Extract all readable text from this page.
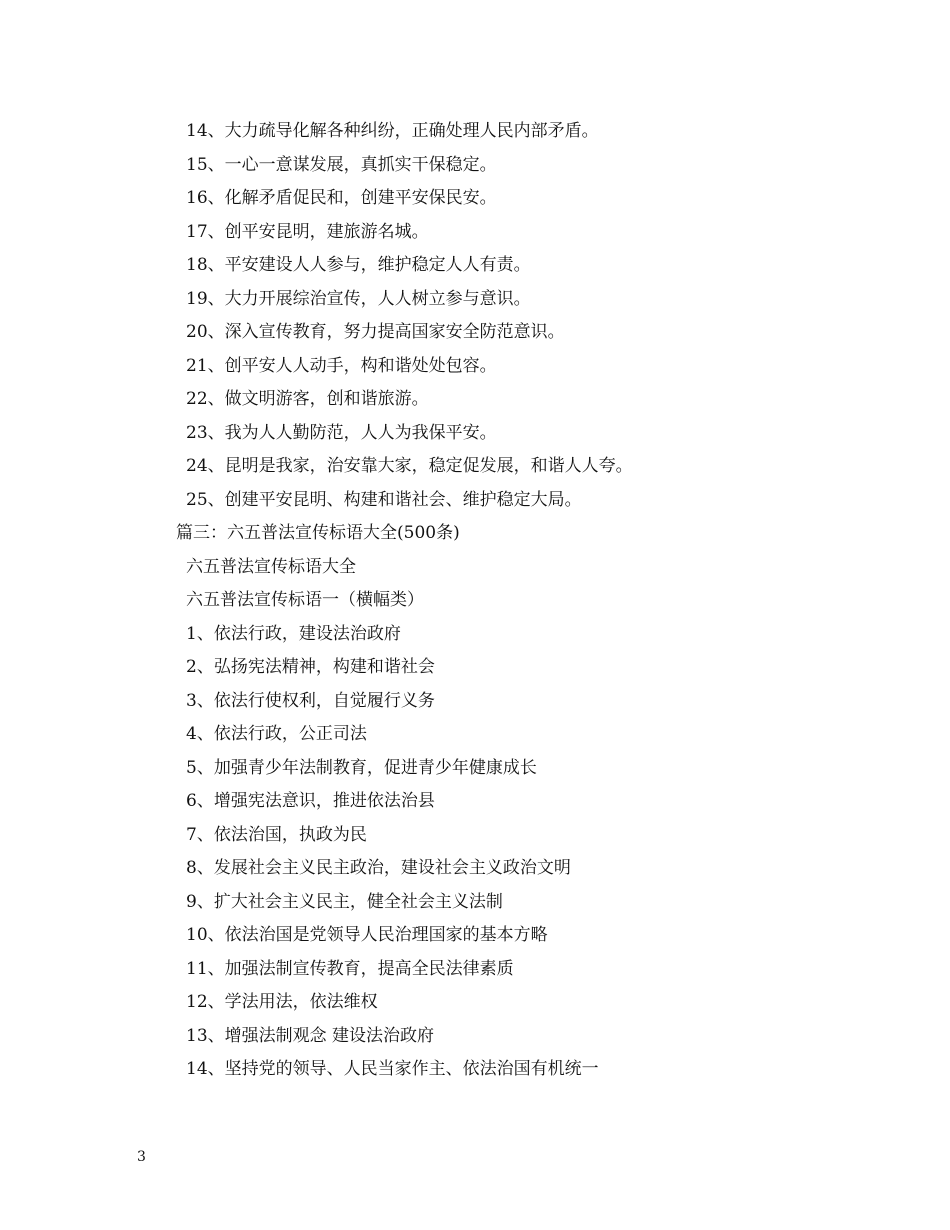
14、大力疏导化解各种纠纷，正确处理人民内部矛盾。
15、一心一意谋发展，真抓实干保稳定。
16、化解矛盾促民和，创建平安保民安。
17、创平安昆明，建旅游名城。
18、平安建设人人参与，维护稳定人人有责。
19、大力开展综治宣传，人人树立参与意识。
20、深入宣传教育，努力提高国家安全防范意识。
21、创平安人人动手，构和谐处处包容。
22、做文明游客，创和谐旅游。
23、我为人人勤防范，人人为我保平安。
24、昆明是我家，治安靠大家，稳定促发展，和谐人人夸。
25、创建平安昆明、构建和谐社会、维护稳定大局。
篇三：六五普法宣传标语大全(500条)
六五普法宣传标语大全
六五普法宣传标语一（横幅类）
1、依法行政，建设法治政府
2、弘扬宪法精神，构建和谐社会
3、依法行使权利，自觉履行义务
4、依法行政，公正司法
5、加强青少年法制教育，促进青少年健康成长
6、增强宪法意识，推进依法治县
7、依法治国，执政为民
8、发展社会主义民主政治，建设社会主义政治文明
9、扩大社会主义民主，健全社会主义法制
10、依法治国是党领导人民治理国家的基本方略
11、加强法制宣传教育，提高全民法律素质
12、学法用法，依法维权
13、增强法制观念 建设法治政府
14、坚持党的领导、人民当家作主、依法治国有机统一
3
